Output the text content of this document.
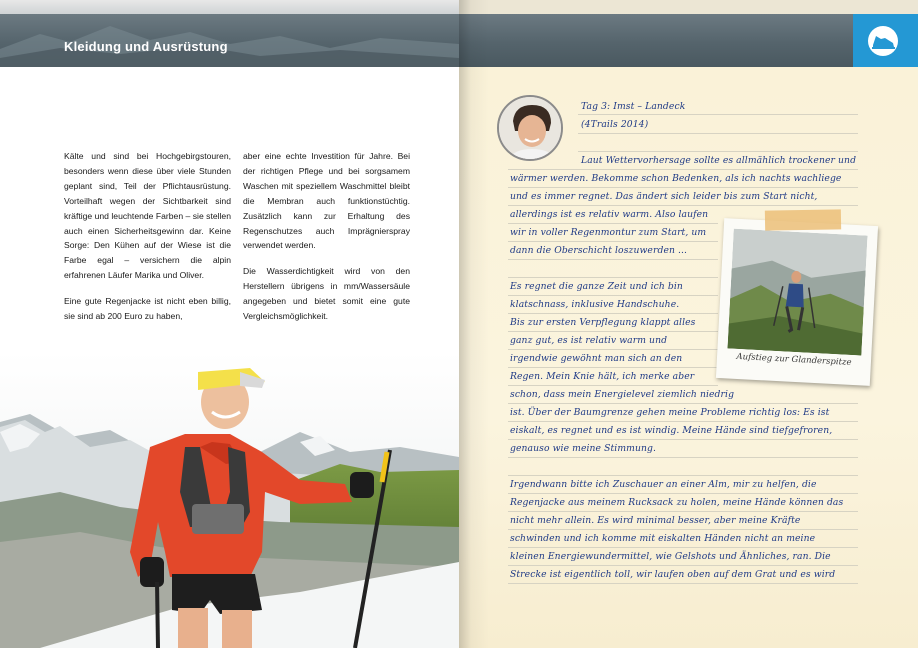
Kleidung und Ausrüstung

Kälte und sind bei Hochgebirgstouren, besonders wenn diese über viele Stunden geplant sind, Teil der Pflichtausrüstung. Vorteilhaft wegen der Sichtbarkeit sind kräftige und leuchtende Farben – sie stellen auch einen Sicherheitsgewinn dar. Keine Sorge: Den Kühen auf der Wiese ist die Farbe egal – versichern die alpin erfahrenen Läufer Marika und Oliver.

Eine gute Regenjacke ist nicht eben billig, sie sind ab 200 Euro zu haben,

aber eine echte Investition für Jahre. Bei der richtigen Pflege und bei sorgsamem Waschen mit speziellem Waschmittel bleibt die Membran auch funktionstüchtig. Zusätzlich kann zur Erhaltung des Regenschutzes auch Imprägnierspray verwendet werden.

Die Wasserdichtigkeit wird von den Herstellern übrigens in mm/Wassersäule angegeben und bietet somit eine gute Vergleichsmöglichkeit.

Tag 3: Imst – Landeck
(4Trails 2014)
Laut Wettervorhersage sollte es allmählich trockener und
wärmer werden. Bekomme schon Bedenken, als ich nachts wachliege
und es immer regnet. Das ändert sich leider bis zum Start nicht,
allerdings ist es relativ warm. Also laufen
wir in voller Regenmontur zum Start, um
dann die Oberschicht loszuwerden ...
Es regnet die ganze Zeit und ich bin
klatschnass, inklusive Handschuhe.
Bis zur ersten Verpflegung klappt alles
ganz gut, es ist relativ warm und
irgendwie gewöhnt man sich an den
Regen. Mein Knie hält, ich merke aber
schon, dass mein Energielevel ziemlich niedrig
ist. Über der Baumgrenze gehen meine Probleme richtig los: Es ist
eiskalt, es regnet und es ist windig. Meine Hände sind tiefgefroren,
genauso wie meine Stimmung.
Irgendwann bitte ich Zuschauer an einer Alm, mir zu helfen, die
Regenjacke aus meinem Rucksack zu holen, meine Hände können das
nicht mehr allein. Es wird minimal besser, aber meine Kräfte
schwinden und ich komme mit eiskalten Händen nicht an meine
kleinen Energiewundermittel, wie Gelshots und Ähnliches, ran. Die
Strecke ist eigentlich toll, wir laufen oben auf dem Grat und es wird
Aufstieg zur Glanderspitze
